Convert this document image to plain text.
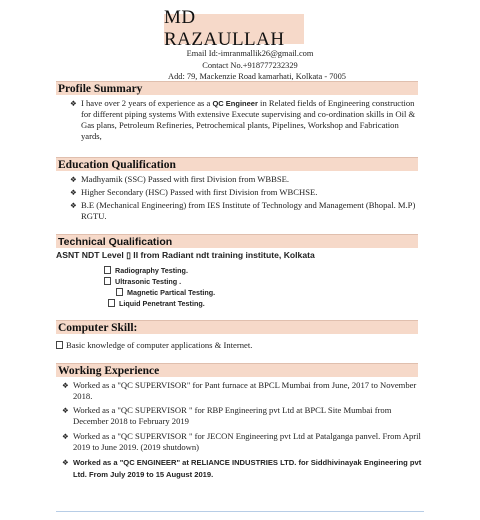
MD RAZAULLAH
Email Id:-imranmallik26@gmail.com
Contact No.+918777232329
Add: 79, Mackenzie Road kamarhati, Kolkata - 7005
Profile Summary
❖ I have over 2 years of experience as a QC Engineer in Related fields of Engineering construction for different piping systems With extensive Execute supervising and co-ordination skills in Oil & Gas plans, Petroleum Refineries, Petrochemical plants, Pipelines, Workshop and Fabrication yards,
Education Qualification
❖ Madhyamik (SSC) Passed with first Division from WBBSE.
❖ Higher Secondary (HSC) Passed with first Division from WBCHSE.
❖ B.E (Mechanical Engineering) from IES Institute of Technology and Management (Bhopal. M.P) RGTU.
Technical Qualification
ASNT NDT Level ▯ II from Radiant ndt training institute, Kolkata
Radiography Testing.
Ultrasonic Testing .
Magnetic Partical Testing.
Liquid Penetrant Testing.
Computer Skill:
Basic knowledge of computer applications & Internet.
Working Experience
❖ Worked as a "QC SUPERVISOR" for Pant furnace at BPCL Mumbai from June, 2017 to November 2018.
❖ Worked as a "QC SUPERVISOR " for RBP Engineering pvt Ltd at BPCL Site Mumbai from December 2018 to February 2019
❖ Worked as a "QC SUPERVISOR " for JECON Engineering pvt Ltd at Patalganga panvel. From April 2019 to June 2019. (2019 shutdown)
❖ Worked as a "QC ENGINEER" at RELIANCE INDUSTRIES LTD. for Siddhivinayak Engineering pvt Ltd. From July 2019 to 15 August 2019.
